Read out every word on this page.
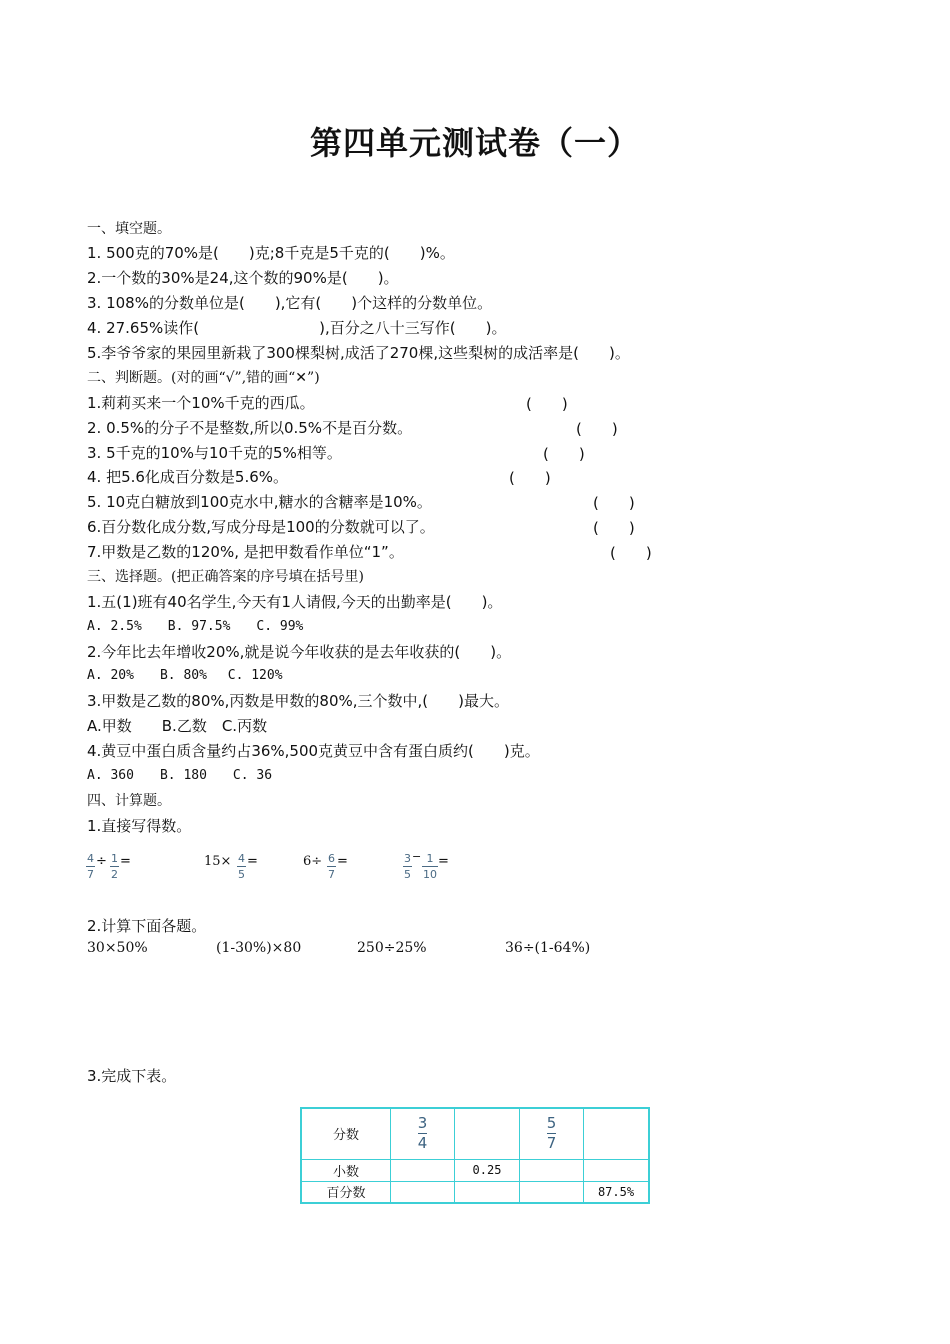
第四单元测试卷（一）
一、填空题。
1. 500克的70%是(　　)克;8千克是5千克的(　　)%。
2.一个数的30%是24,这个数的90%是(　　)。
3. 108%的分数单位是(　　),它有(　　)个这样的分数单位。
4. 27.65%读作(　　　　　　　　),百分之八十三写作(　　)。
5.李爷爷家的果园里新栽了300棵梨树,成活了270棵,这些梨树的成活率是(　　)。
二、判断题。(对的画“√”,错的画“✕”)
1.莉莉买来一个10%千克的西瓜。	(　　)
2. 0.5%的分子不是整数,所以0.5%不是百分数。	(　　)
3. 5千克的10%与10千克的5%相等。	(　　)
4. 把5.6化成百分数是5.6%。	(　　)
5. 10克白糖放到100克水中,糖水的含糖率是10%。	(　　)
6.百分数化成分数,写成分母是100的分数就可以了。	(　　)
7.甲数是乙数的120%, 是把甲数看作单位“1”。	(　　)
三、选择题。(把正确答案的序号填在括号里)
1.五(1)班有40名学生,今天有1人请假,今天的出勤率是(　　)。
A. 2.5%　　B. 97.5%　　C. 99%
2.今年比去年增收20%,就是说今年收获的是去年收获的(　　)。
A. 20%　　B. 80%　 C. 120%
3.甲数是乙数的80%,丙数是甲数的80%,三个数中,(　　)最大。
A.甲数　　B.乙数　C.丙数
4.黄豆中蛋白质含量约占36%,500克黄豆中含有蛋白质约(　　)克。
A. 360　　B. 180　　C. 36
四、计算题。
1.直接写得数。
4
7
÷ 1
2
=	15× 4
5
=	6÷ 6
7
=	3
5
− 1
10
=
2.计算下面各题。
30×50%	(1-30%)×80	250÷25%	36÷(1-64%)
3.完成下表。
分数	$\frac{3}{4}$		$\frac{5}{7}$	
小数		0.25		
百分数				87.5%
